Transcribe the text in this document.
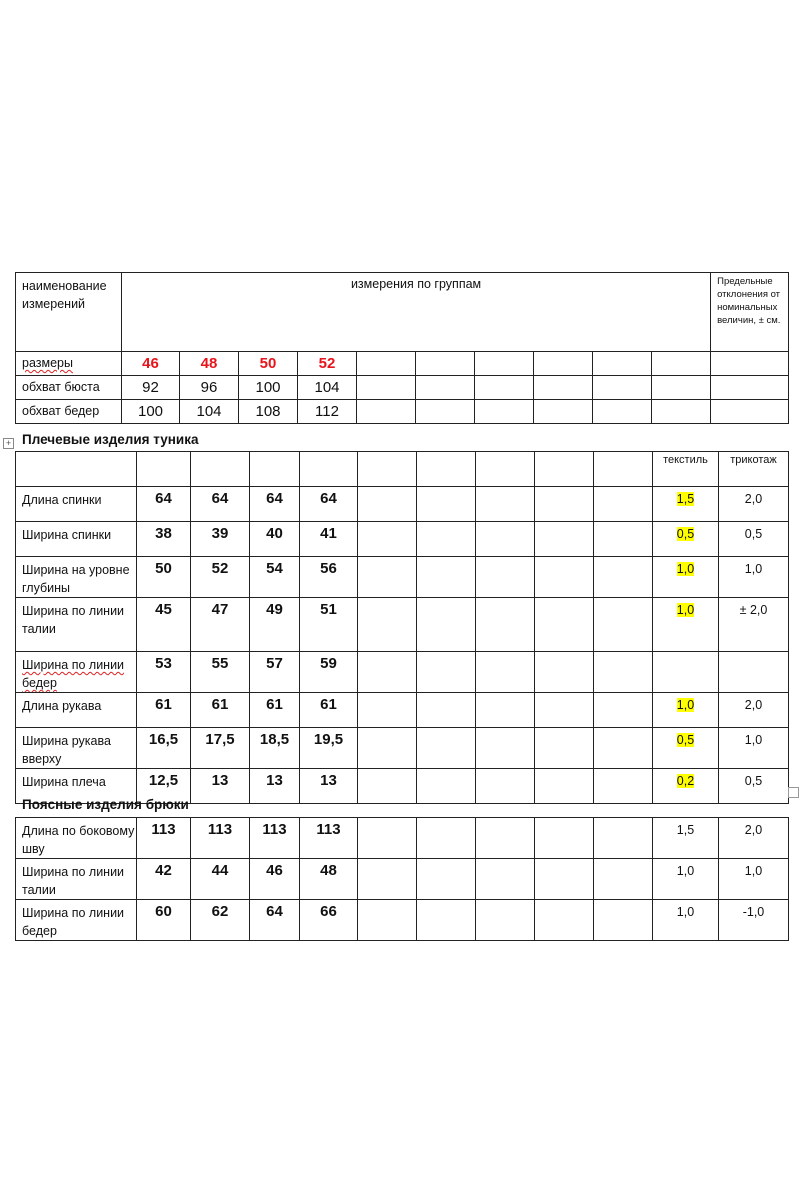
наименование измерений	измерения по группам										Предельные отклонения от номинальных величин, ± см.
размеры	46	48	50	52							
обхват бюста	92	96	100	104							
обхват бедер	100	104	108	112							
+ Плечевые изделия туника
										текстиль	трикотаж
Длина спинки	64	64	64	64						1,5	2,0
Ширина спинки	38	39	40	41						0,5	0,5
Ширина на уровне глубины	50	52	54	56						1,0	1,0
Ширина по линии талии	45	47	49	51						1,0	± 2,0
Ширина по линии бедер	53	55	57	59							
Длина рукава	61	61	61	61						1,0	2,0
Ширина рукава вверху	16,5	17,5	18,5	19,5						0,5	1,0
Ширина плеча	12,5	13	13	13						0,2	0,5
Поясные изделия брюки
Длина по боковому шву	113	113	113	113						1,5	2,0
Ширина по линии талии	42	44	46	48						1,0	1,0
Ширина по линии бедер	60	62	64	66						1,0	-1,0
